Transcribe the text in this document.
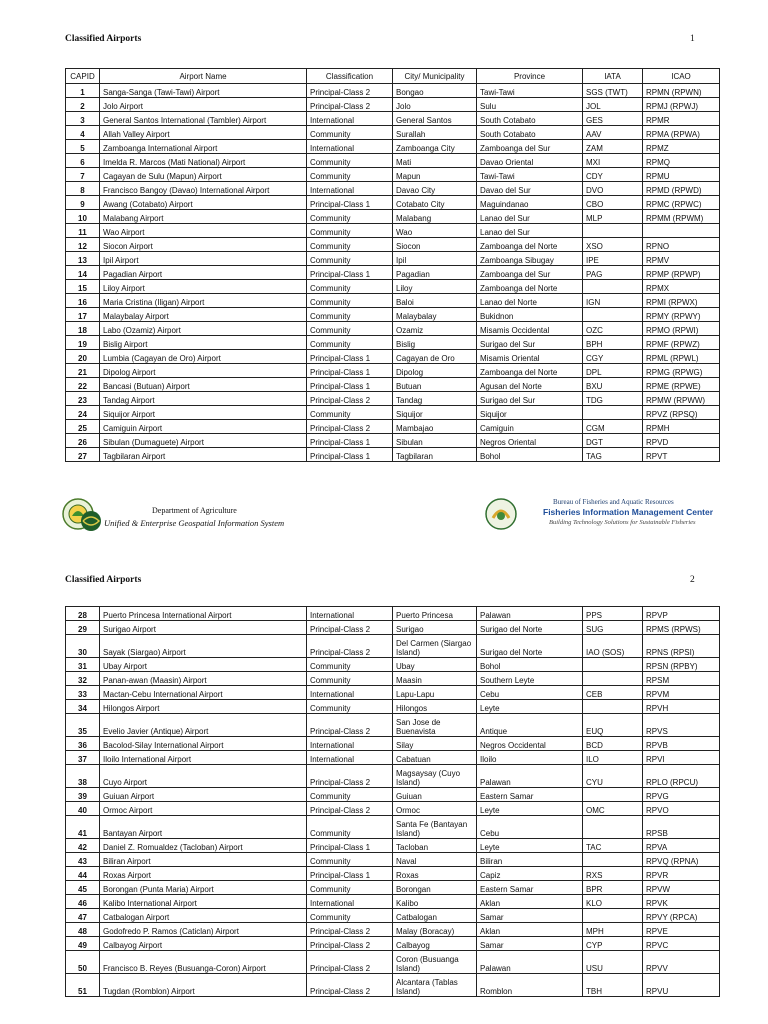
Classified Airports	1
CAPID	Airport Name	Classification	City/ Municipality	Province	IATA	ICAO
1	Sanga-Sanga (Tawi-Tawi) Airport	Principal-Class 2	Bongao	Tawi-Tawi	SGS (TWT)	RPMN (RPWN)
2	Jolo Airport	Principal-Class 2	Jolo	Sulu	JOL	RPMJ (RPWJ)
3	General Santos International (Tambler) Airport	International	General Santos	South Cotabato	GES	RPMR
4	Allah Valley Airport	Community	Surallah	South Cotabato	AAV	RPMA (RPWA)
5	Zamboanga International Airport	International	Zamboanga City	Zamboanga del Sur	ZAM	RPMZ
6	Imelda R. Marcos (Mati National) Airport	Community	Mati	Davao Oriental	MXI	RPMQ
7	Cagayan de Sulu (Mapun) Airport	Community	Mapun	Tawi-Tawi	CDY	RPMU
8	Francisco Bangoy (Davao) International Airport	International	Davao City	Davao del Sur	DVO	RPMD (RPWD)
9	Awang (Cotabato) Airport	Principal-Class 1	Cotabato City	Maguindanao	CBO	RPMC (RPWC)
10	Malabang Airport	Community	Malabang	Lanao del Sur	MLP	RPMM (RPWM)
11	Wao Airport	Community	Wao	Lanao del Sur		
12	Siocon Airport	Community	Siocon	Zamboanga del Norte	XSO	RPNO
13	Ipil Airport	Community	Ipil	Zamboanga Sibugay	IPE	RPMV
14	Pagadian Airport	Principal-Class 1	Pagadian	Zamboanga del Sur	PAG	RPMP (RPWP)
15	Liloy Airport	Community	Liloy	Zamboanga del Norte		RPMX
16	Maria Cristina (Iligan) Airport	Community	Baloi	Lanao del Norte	IGN	RPMI (RPWX)
17	Malaybalay Airport	Community	Malaybalay	Bukidnon		RPMY (RPWY)
18	Labo (Ozamiz) Airport	Community	Ozamiz	Misamis Occidental	OZC	RPMO (RPWI)
19	Bislig Airport	Community	Bislig	Surigao del Sur	BPH	RPMF (RPWZ)
20	Lumbia (Cagayan de Oro) Airport	Principal-Class 1	Cagayan de Oro	Misamis Oriental	CGY	RPML (RPWL)
21	Dipolog Airport	Principal-Class 1	Dipolog	Zamboanga del Norte	DPL	RPMG (RPWG)
22	Bancasi (Butuan) Airport	Principal-Class 1	Butuan	Agusan del Norte	BXU	RPME (RPWE)
23	Tandag Airport	Principal-Class 2	Tandag	Surigao del Sur	TDG	RPMW (RPWW)
24	Siquijor Airport	Community	Siquijor	Siquijor		RPVZ (RPSQ)
25	Camiguin Airport	Principal-Class 2	Mambajao	Camiguin	CGM	RPMH
26	Sibulan (Dumaguete) Airport	Principal-Class 1	Sibulan	Negros Oriental	DGT	RPVD
27	Tagbilaran Airport	Principal-Class 1	Tagbilaran	Bohol	TAG	RPVT
Department of Agriculture
Unified & Enterprise Geospatial Information System
Bureau of Fisheries and Aquatic Resources
Fisheries Information Management Center
Building Technology Solutions for Sustainable Fisheries
Classified Airports	2
28	Puerto Princesa International Airport	International	Puerto Princesa	Palawan	PPS	RPVP
29	Surigao Airport	Principal-Class 2	Surigao	Surigao del Norte	SUG	RPMS (RPWS)
30	Sayak (Siargao) Airport	Principal-Class 2	Del Carmen (Siargao Island)	Surigao del Norte	IAO (SOS)	RPNS (RPSI)
31	Ubay Airport	Community	Ubay	Bohol		RPSN (RPBY)
32	Panan-awan (Maasin) Airport	Community	Maasin	Southern Leyte		RPSM
33	Mactan-Cebu International Airport	International	Lapu-Lapu	Cebu	CEB	RPVM
34	Hilongos Airport	Community	Hilongos	Leyte		RPVH
35	Evelio Javier (Antique) Airport	Principal-Class 2	San Jose de Buenavista	Antique	EUQ	RPVS
36	Bacolod-Silay International Airport	International	Silay	Negros Occidental	BCD	RPVB
37	Iloilo International Airport	International	Cabatuan	Iloilo	ILO	RPVI
38	Cuyo Airport	Principal-Class 2	Magsaysay (Cuyo Island)	Palawan	CYU	RPLO (RPCU)
39	Guiuan Airport	Community	Guiuan	Eastern Samar		RPVG
40	Ormoc Airport	Principal-Class 2	Ormoc	Leyte	OMC	RPVO
41	Bantayan Airport	Community	Santa Fe (Bantayan Island)	Cebu		RPSB
42	Daniel Z. Romualdez (Tacloban) Airport	Principal-Class 1	Tacloban	Leyte	TAC	RPVA
43	Biliran Airport	Community	Naval	Biliran		RPVQ (RPNA)
44	Roxas Airport	Principal-Class 1	Roxas	Capiz	RXS	RPVR
45	Borongan (Punta Maria) Airport	Community	Borongan	Eastern Samar	BPR	RPVW
46	Kalibo International Airport	International	Kalibo	Aklan	KLO	RPVK
47	Catbalogan Airport	Community	Catbalogan	Samar		RPVY (RPCA)
48	Godofredo P. Ramos (Caticlan) Airport	Principal-Class 2	Malay (Boracay)	Aklan	MPH	RPVE
49	Calbayog Airport	Principal-Class 2	Calbayog	Samar	CYP	RPVC
50	Francisco B. Reyes (Busuanga-Coron) Airport	Principal-Class 2	Coron (Busuanga Island)	Palawan	USU	RPVV
51	Tugdan (Romblon) Airport	Principal-Class 2	Alcantara (Tablas Island)	Romblon	TBH	RPVU
